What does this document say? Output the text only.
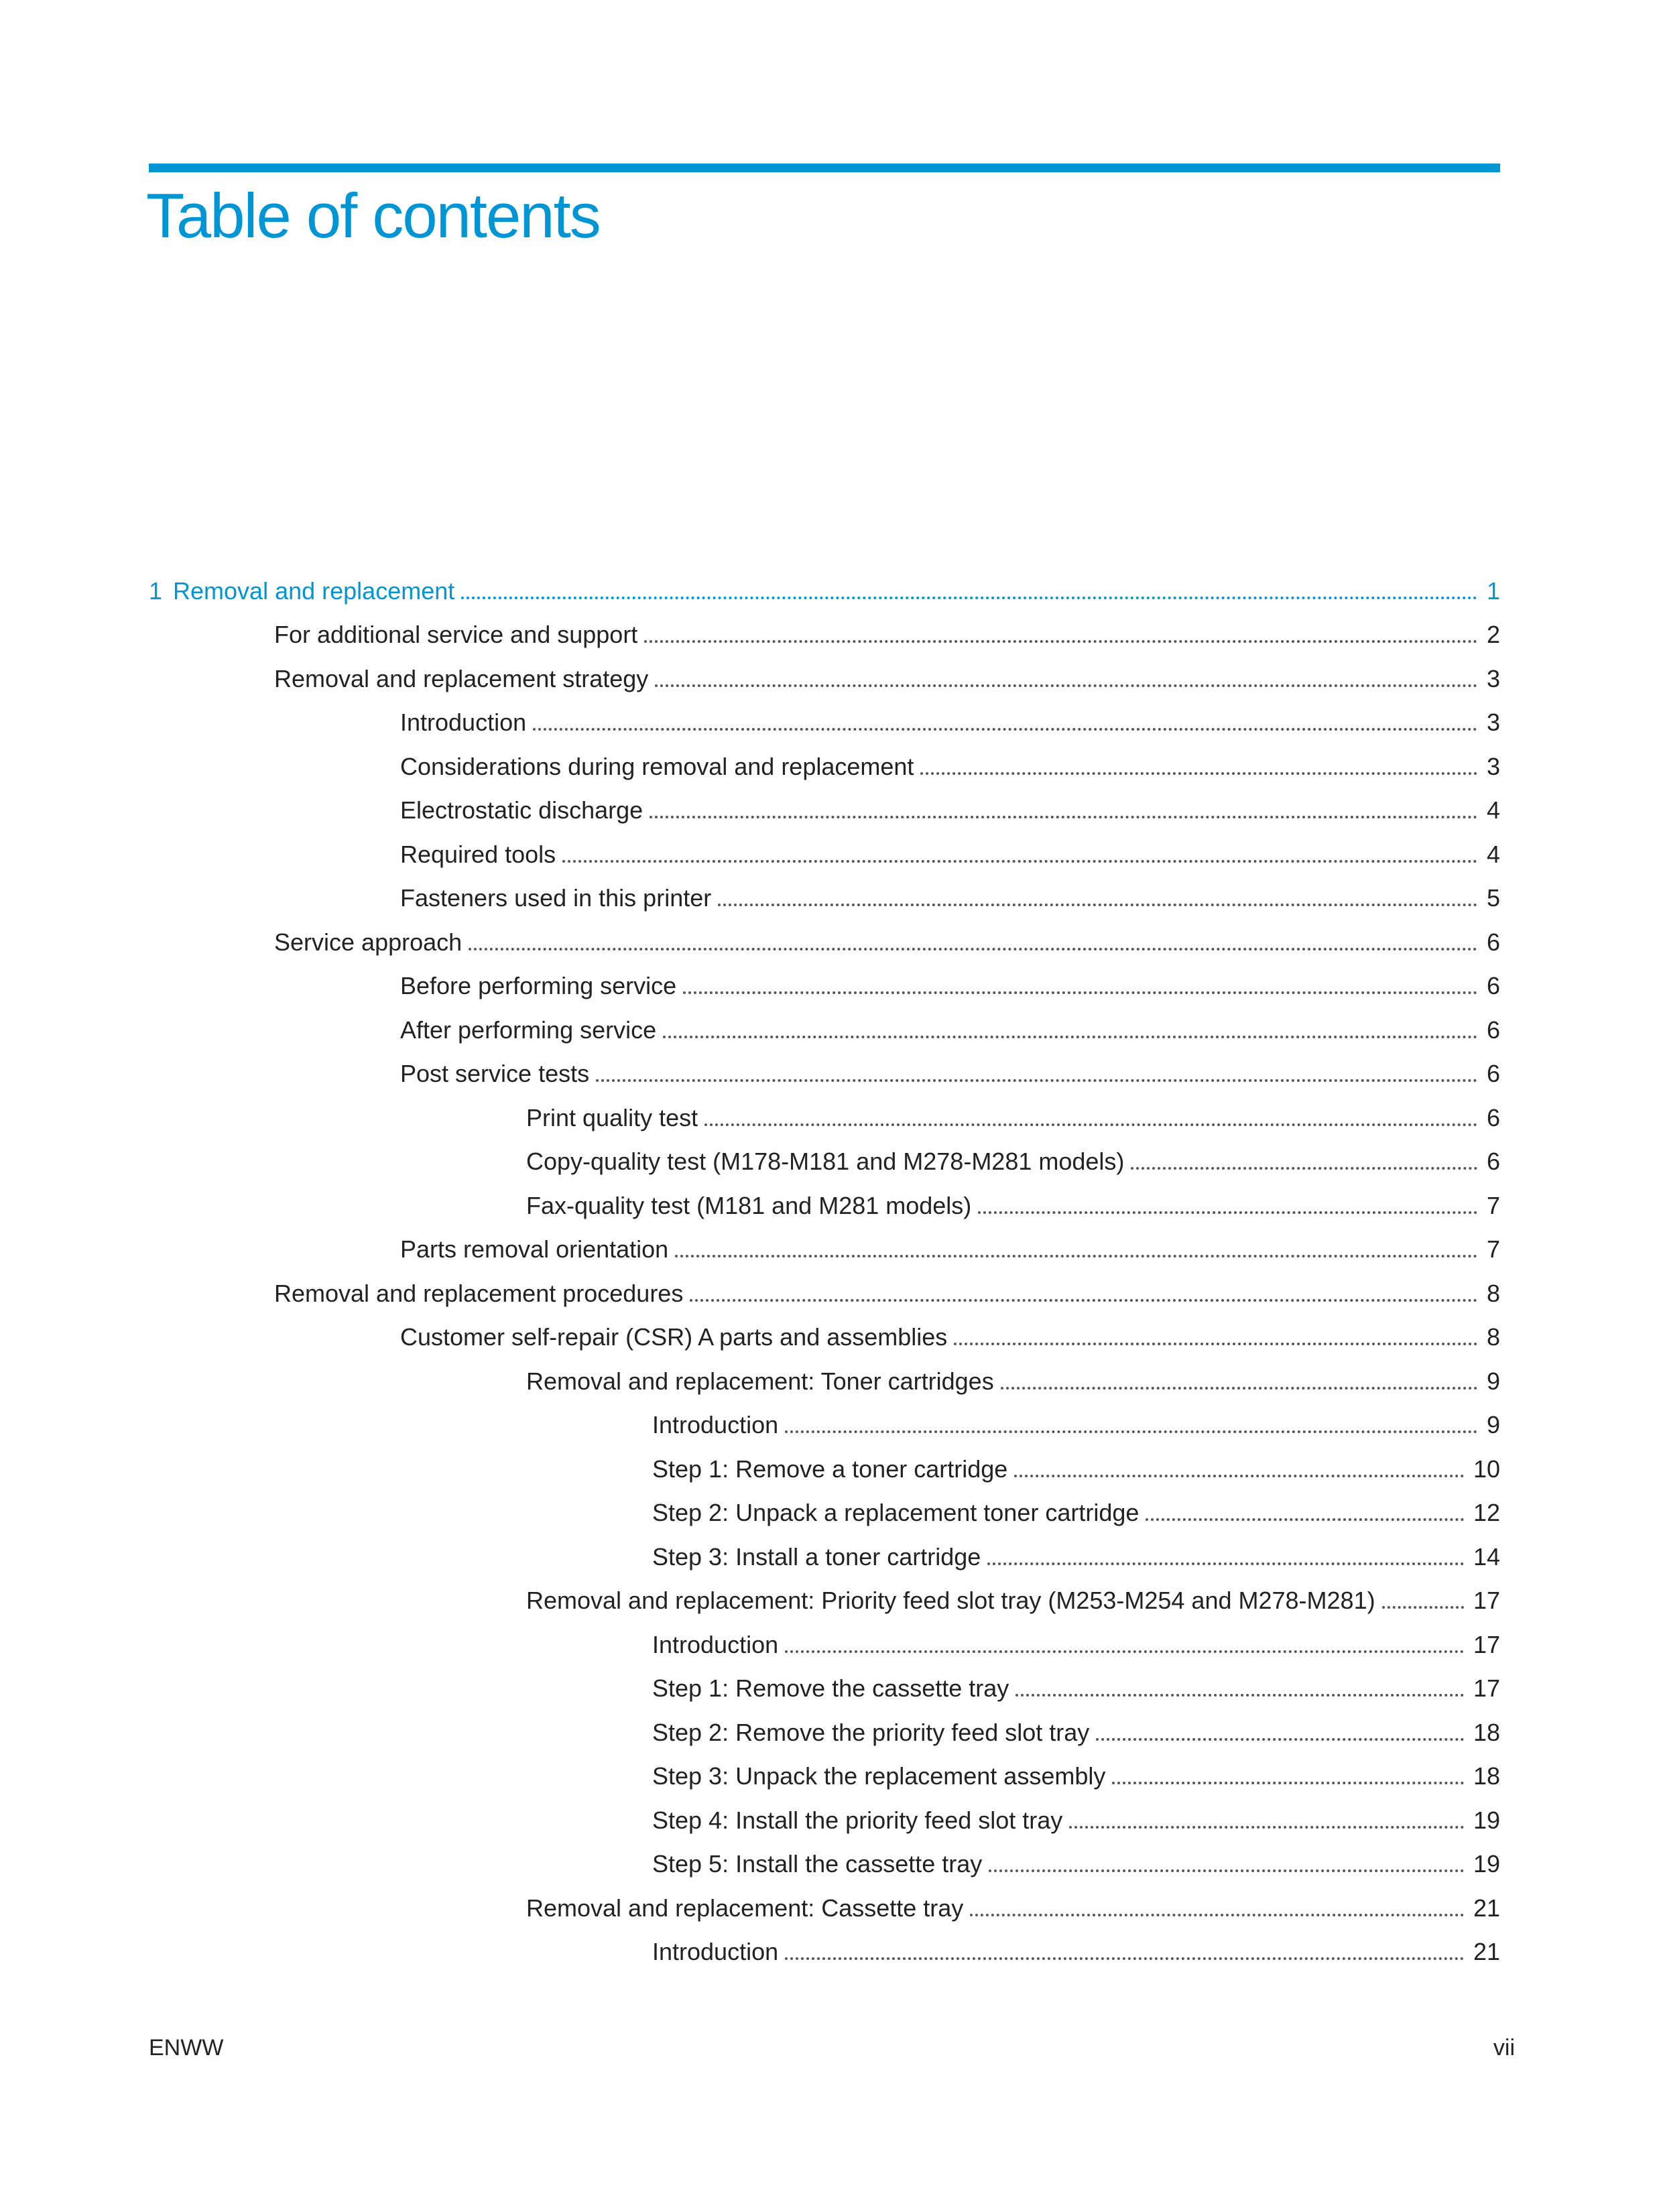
Table of contents
1 Removal and replacement	1
For additional service and support	2
Removal and replacement strategy	3
Introduction	3
Considerations during removal and replacement	3
Electrostatic discharge	4
Required tools	4
Fasteners used in this printer	5
Service approach	6
Before performing service	6
After performing service	6
Post service tests	6
Print quality test	6
Copy-quality test (M178-M181 and M278-M281 models)	6
Fax-quality test (M181 and M281 models)	7
Parts removal orientation	7
Removal and replacement procedures	8
Customer self-repair (CSR) A parts and assemblies	8
Removal and replacement: Toner cartridges	9
Introduction	9
Step 1: Remove a toner cartridge	10
Step 2: Unpack a replacement toner cartridge	12
Step 3: Install a toner cartridge	14
Removal and replacement: Priority feed slot tray (M253-M254 and M278-M281)	17
Introduction	17
Step 1: Remove the cassette tray	17
Step 2: Remove the priority feed slot tray	18
Step 3: Unpack the replacement assembly	18
Step 4: Install the priority feed slot tray	19
Step 5: Install the cassette tray	19
Removal and replacement: Cassette tray	21
Introduction	21
ENWW	vii
